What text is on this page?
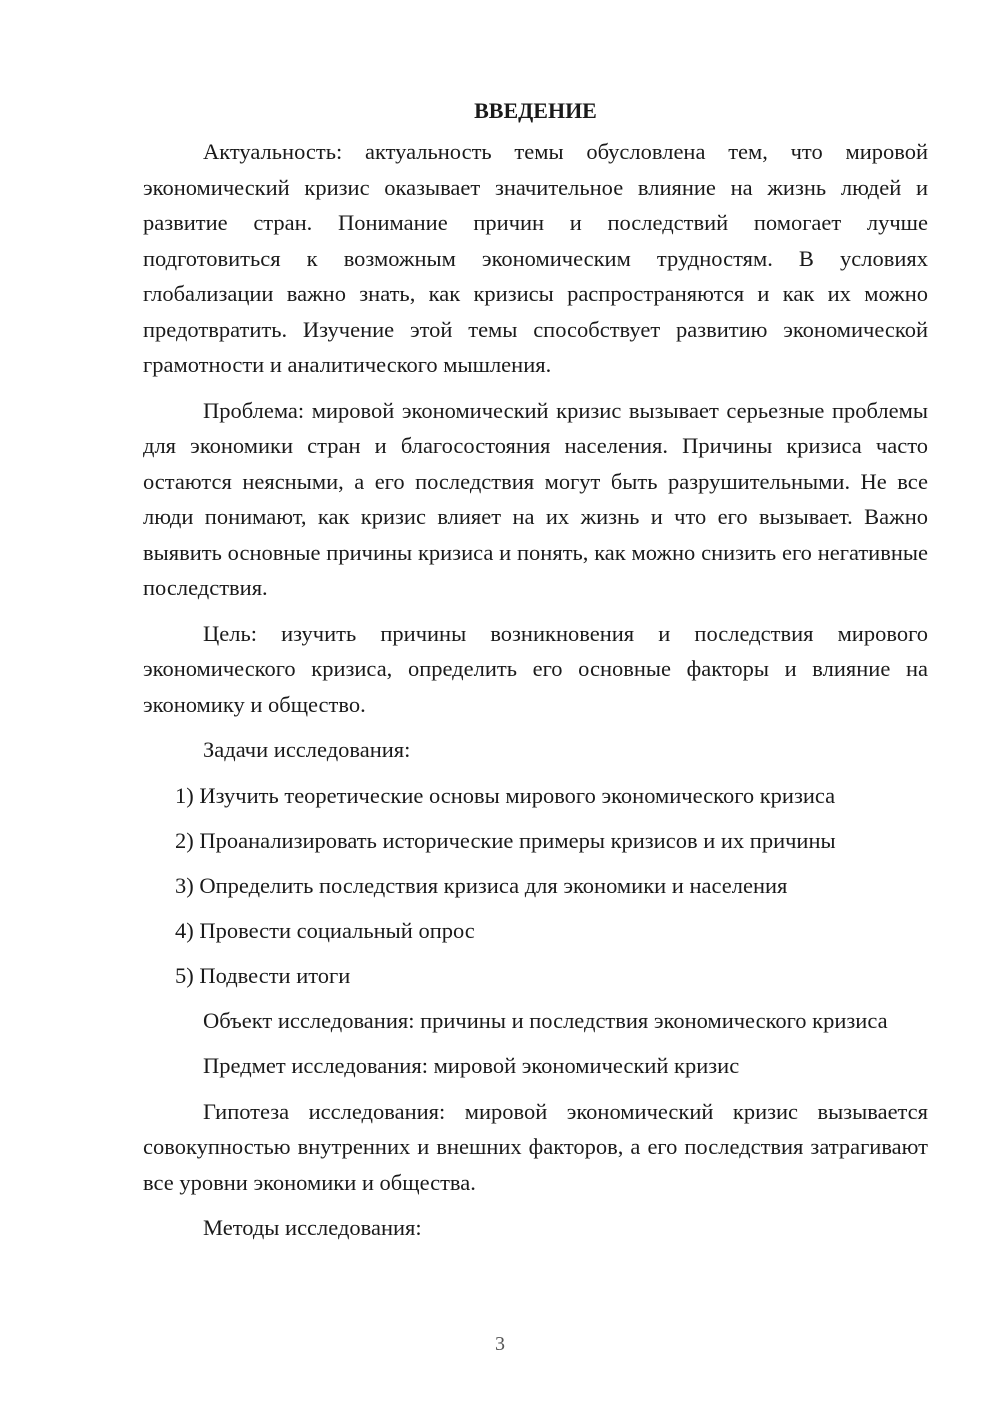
ВВЕДЕНИЕ

Актуальность: актуальность темы обусловлена тем, что мировой экономический кризис оказывает значительное влияние на жизнь людей и развитие стран. Понимание причин и последствий помогает лучше подготовиться к возможным экономическим трудностям. В условиях глобализации важно знать, как кризисы распространяются и как их можно предотвратить. Изучение этой темы способствует развитию экономической грамотности и аналитического мышления.

Проблема: мировой экономический кризис вызывает серьезные проблемы для экономики стран и благосостояния населения. Причины кризиса часто остаются неясными, а его последствия могут быть разрушительными. Не все люди понимают, как кризис влияет на их жизнь и что его вызывает. Важно выявить основные причины кризиса и понять, как можно снизить его негативные последствия.

Цель: изучить причины возникновения и последствия мирового экономического кризиса, определить его основные факторы и влияние на экономику и общество.

Задачи исследования:

1) Изучить теоретические основы мирового экономического кризиса
2) Проанализировать исторические примеры кризисов и их причины
3) Определить последствия кризиса для экономики и населения
4) Провести социальный опрос
5) Подвести итоги

Объект исследования: причины и последствия экономического кризиса

Предмет исследования: мировой экономический кризис

Гипотеза исследования: мировой экономический кризис вызывается совокупностью внутренних и внешних факторов, а его последствия затрагивают все уровни экономики и общества.

Методы исследования:

3
